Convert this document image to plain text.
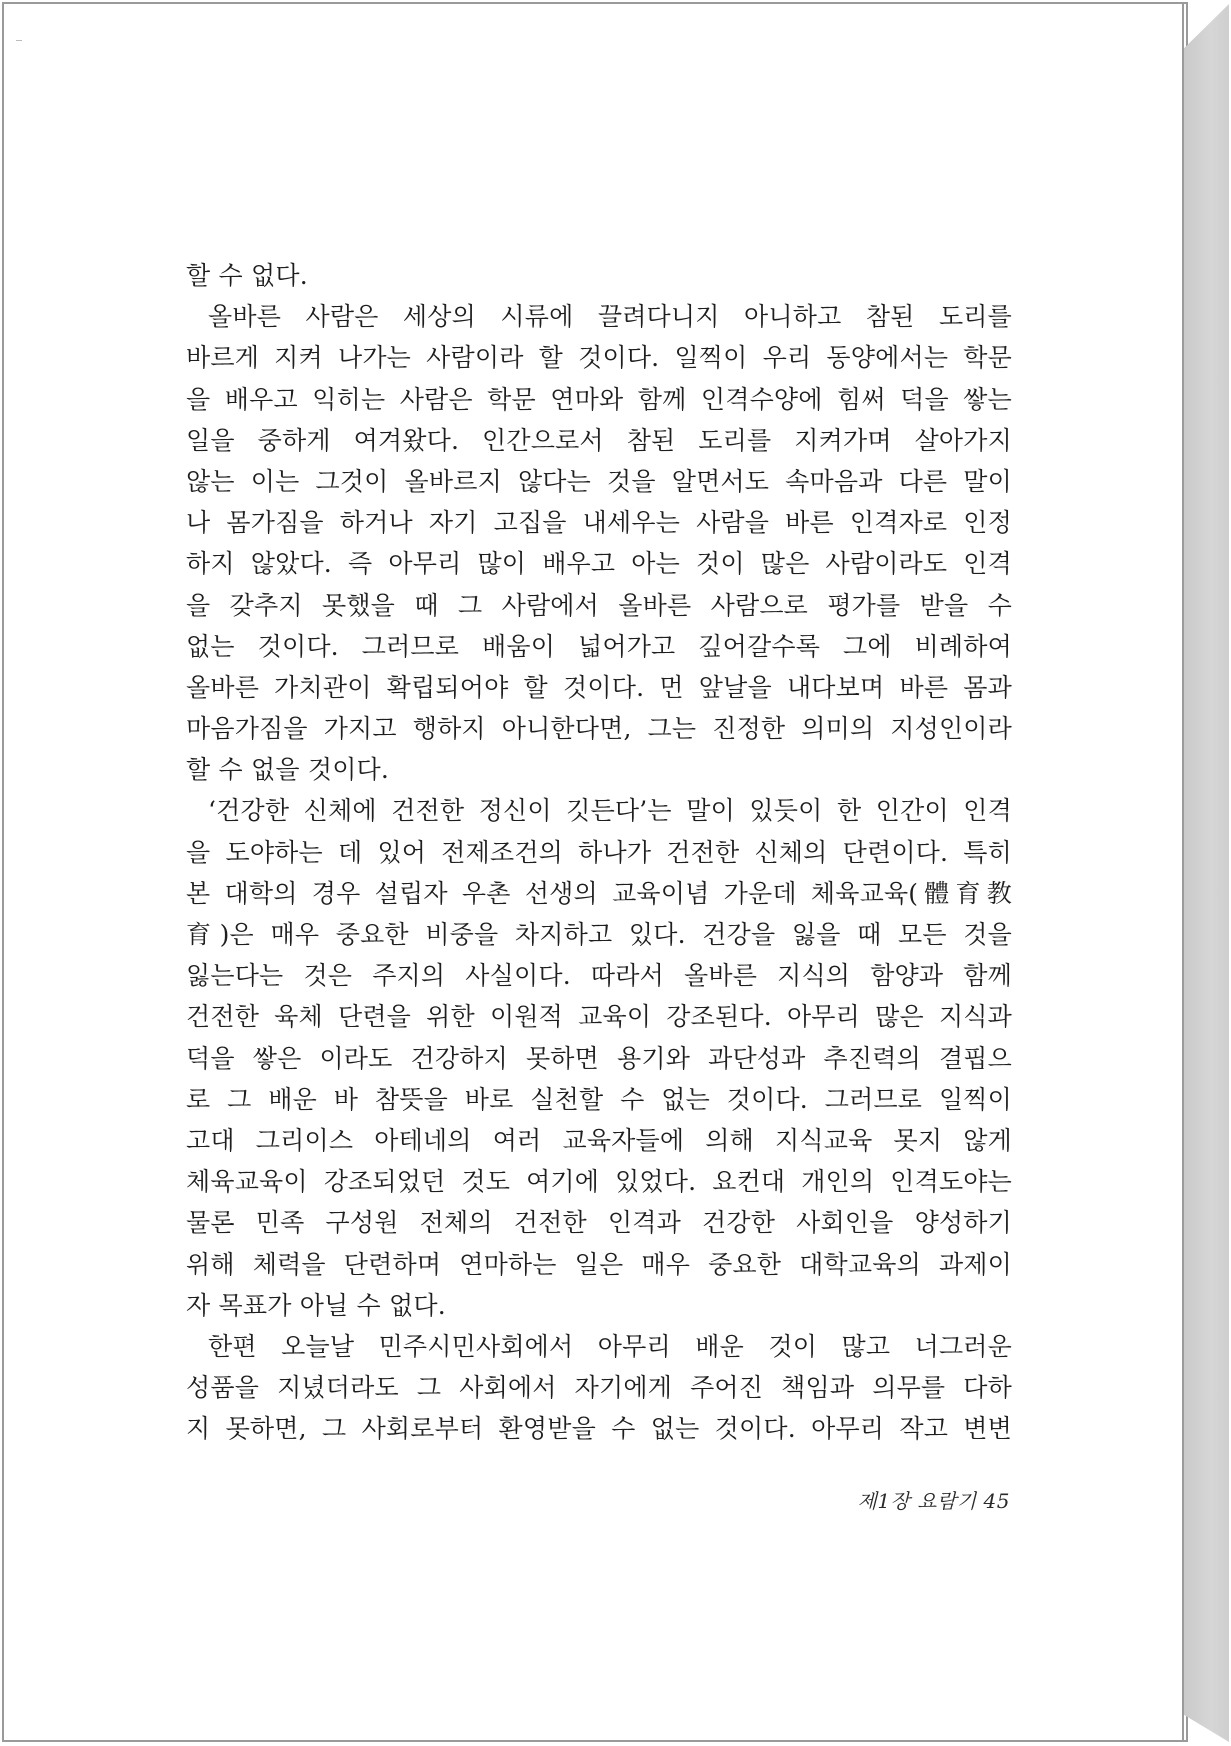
할 수 없다.
올바른 사람은 세상의 시류에 끌려다니지 아니하고 참된 도리를
바르게 지켜 나가는 사람이라 할 것이다. 일찍이 우리 동양에서는 학문
을 배우고 익히는 사람은 학문 연마와 함께 인격수양에 힘써 덕을 쌓는
일을 중하게 여겨왔다. 인간으로서 참된 도리를 지켜가며 살아가지
않는 이는 그것이 올바르지 않다는 것을 알면서도 속마음과 다른 말이
나 몸가짐을 하거나 자기 고집을 내세우는 사람을 바른 인격자로 인정
하지 않았다. 즉 아무리 많이 배우고 아는 것이 많은 사람이라도 인격
을 갖추지 못했을 때 그 사람에서 올바른 사람으로 평가를 받을 수
없는 것이다. 그러므로 배움이 넓어가고 깊어갈수록 그에 비례하여
올바른 가치관이 확립되어야 할 것이다. 먼 앞날을 내다보며 바른 몸과
마음가짐을 가지고 행하지 아니한다면, 그는 진정한 의미의 지성인이라
할 수 없을 것이다.
‘건강한 신체에 건전한 정신이 깃든다’는 말이 있듯이 한 인간이 인격
을 도야하는 데 있어 전제조건의 하나가 건전한 신체의 단련이다. 특히
본 대학의 경우 설립자 우촌 선생의 교육이념 가운데 체육교육(體育教
育)은 매우 중요한 비중을 차지하고 있다. 건강을 잃을 때 모든 것을
잃는다는 것은 주지의 사실이다. 따라서 올바른 지식의 함양과 함께
건전한 육체 단련을 위한 이원적 교육이 강조된다. 아무리 많은 지식과
덕을 쌓은 이라도 건강하지 못하면 용기와 과단성과 추진력의 결핍으
로 그 배운 바 참뜻을 바로 실천할 수 없는 것이다. 그러므로 일찍이
고대 그리이스 아테네의 여러 교육자들에 의해 지식교육 못지 않게
체육교육이 강조되었던 것도 여기에 있었다. 요컨대 개인의 인격도야는
물론 민족 구성원 전체의 건전한 인격과 건강한 사회인을 양성하기
위해 체력을 단련하며 연마하는 일은 매우 중요한 대학교육의 과제이
자 목표가 아닐 수 없다.
한편 오늘날 민주시민사회에서 아무리 배운 것이 많고 너그러운
성품을 지녔더라도 그 사회에서 자기에게 주어진 책임과 의무를 다하
지 못하면, 그 사회로부터 환영받을 수 없는 것이다. 아무리 작고 변변
제1장 요람기 45
